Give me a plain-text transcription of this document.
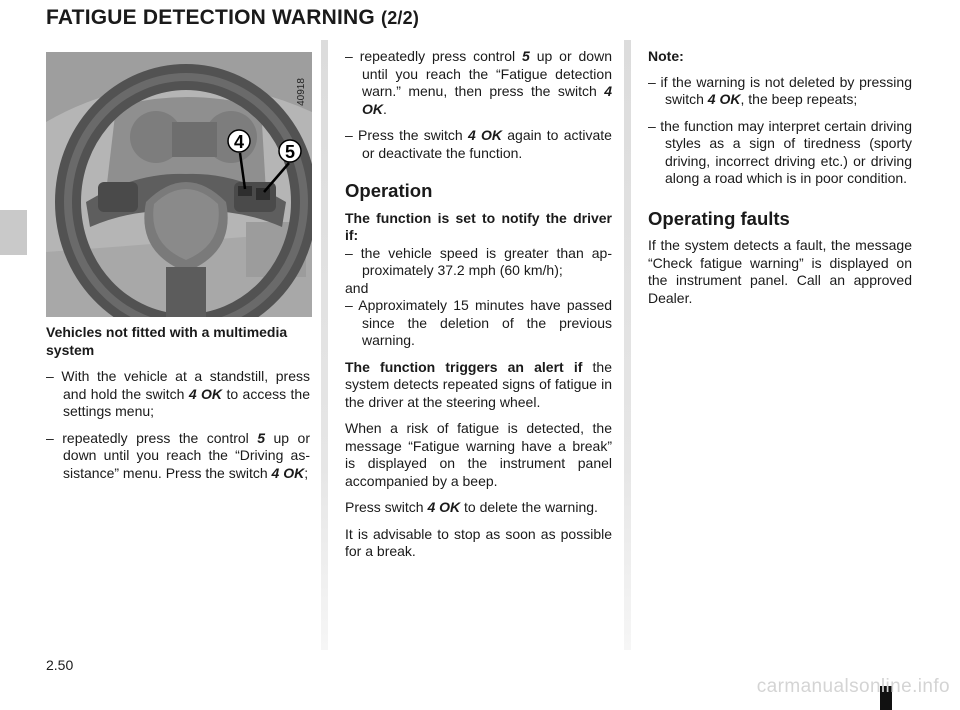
FATIGUE DETECTION WARNING (2/2)
4 5
40918

Vehicles not fitted with a multimedia system

– With the vehicle at a standstill, press and hold the switch 4 OK to access the settings menu;

– repeatedly press the control 5 up or down until you reach the “Driving assistance” menu. Press the switch 4 OK;

– repeatedly press control 5 up or down until you reach the “Fatigue detection warn.” menu, then press the switch 4 OK.

– Press the switch 4 OK again to activate or deactivate the function.

Operation

The function is set to notify the driver if:

– the vehicle speed is greater than approximately 37.2 mph (60 km/h);

and

– Approximately 15 minutes have passed since the deletion of the previous warning.

The function triggers an alert if the system detects repeated signs of fatigue in the driver at the steering wheel.

When a risk of fatigue is detected, the message “Fatigue warning have a break” is displayed on the instrument panel accompanied by a beep.

Press switch 4 OK to delete the warning.

It is advisable to stop as soon as possible for a break.

Note:

– if the warning is not deleted by pressing switch 4 OK, the beep repeats;

– the function may interpret certain driving styles as a sign of tiredness (sporty driving, incorrect driving etc.) or driving along a road which is in poor condition.

Operating faults

If the system detects a fault, the message “Check fatigue warning” is displayed on the instrument panel. Call an approved Dealer.

2.50
carmanualsonline.info
